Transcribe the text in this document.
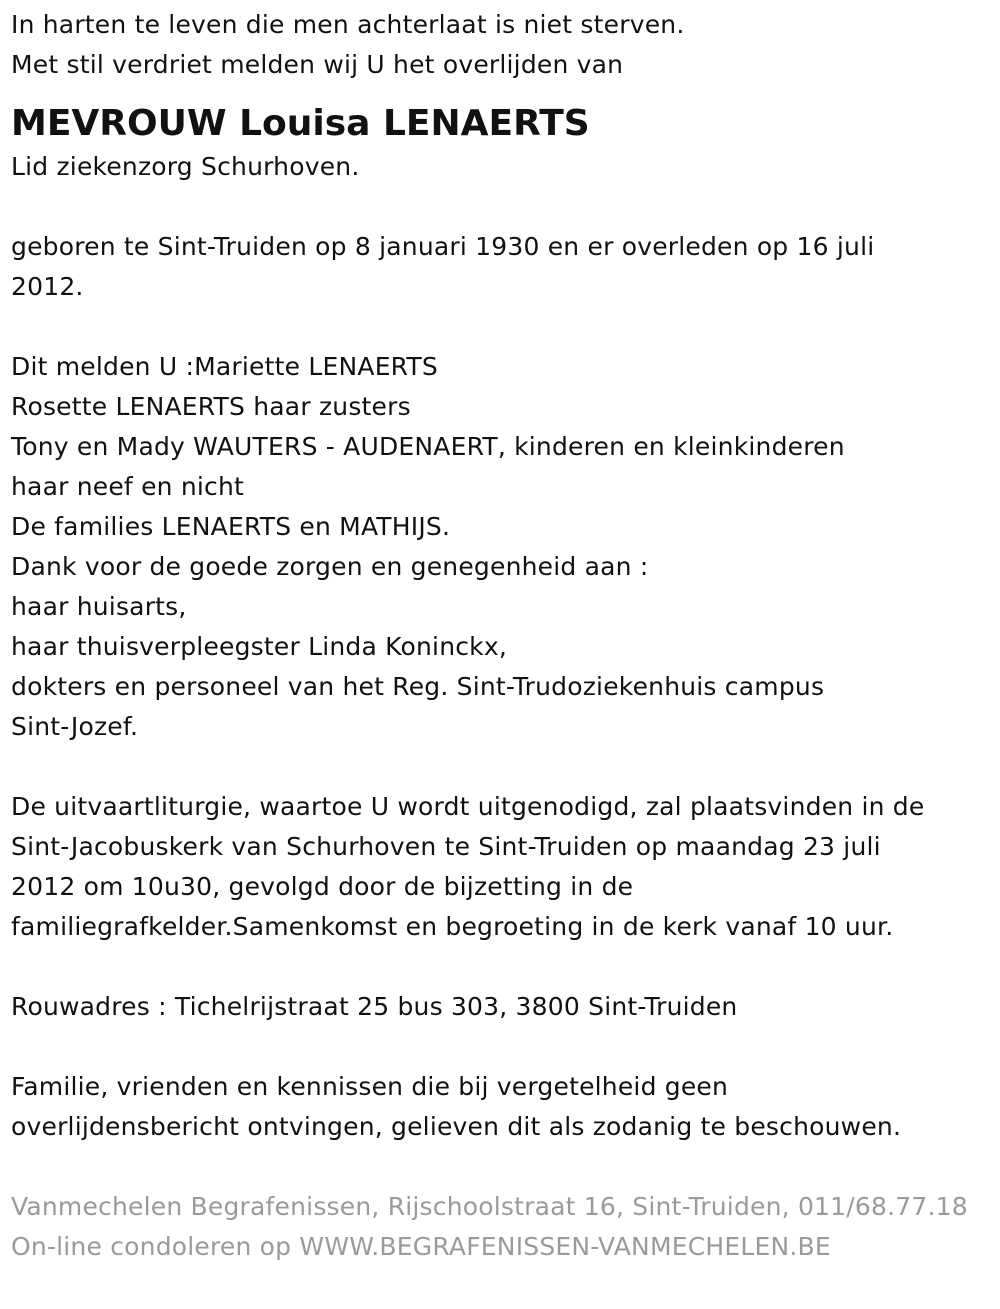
In harten te leven die men achterlaat is niet sterven.
Met stil verdriet melden wij U het overlijden van
MEVROUW Louisa LENAERTS
Lid ziekenzorg Schurhoven.
geboren te Sint-Truiden op 8 januari 1930 en er overleden op 16 juli
2012.
Dit melden U :Mariette LENAERTS
Rosette LENAERTS haar zusters
Tony en Mady WAUTERS - AUDENAERT, kinderen en kleinkinderen
haar neef en nicht
De families LENAERTS en MATHIJS.
Dank voor de goede zorgen en genegenheid aan :
haar huisarts,
haar thuisverpleegster Linda Koninckx,
dokters en personeel van het Reg. Sint-Trudoziekenhuis campus
Sint-Jozef.
De uitvaartliturgie, waartoe U wordt uitgenodigd, zal plaatsvinden in de
Sint-Jacobuskerk van Schurhoven te Sint-Truiden op maandag 23 juli
2012 om 10u30, gevolgd door de bijzetting in de
familiegrafkelder.Samenkomst en begroeting in de kerk vanaf 10 uur.
Rouwadres : Tichelrijstraat 25 bus 303, 3800 Sint-Truiden
Familie, vrienden en kennissen die bij vergetelheid geen
overlijdensbericht ontvingen, gelieven dit als zodanig te beschouwen.
Vanmechelen Begrafenissen, Rijschoolstraat 16, Sint-Truiden, 011/68.77.18
On-line condoleren op WWW.BEGRAFENISSEN-VANMECHELEN.BE
